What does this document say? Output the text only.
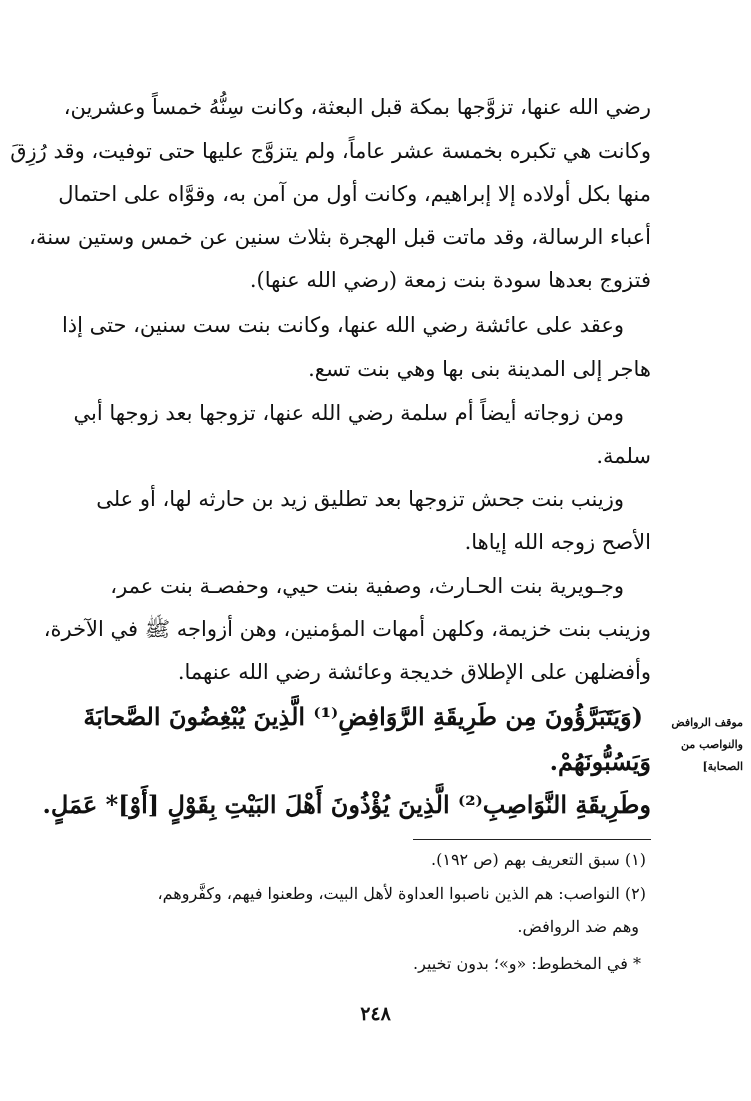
رضي الله عنها، تزوَّجها بمكة قبل البعثة، وكانت سِنُّهُ خمساً وعشرين،
وكانت هي تكبره بخمسة عشر عاماً، ولم يتزوَّج عليها حتى توفيت، وقد رُزِقَ
منها بكل أولاده إلا إبراهيم، وكانت أول من آمن به، وقوَّاه على احتمال
أعباء الرسالة، وقد ماتت قبل الهجرة بثلاث سنين عن خمس وستين سنة،
فتزوج بعدها سودة بنت زمعة (رضي الله عنها).
وعقد على عائشة رضي الله عنها، وكانت بنت ست سنين، حتى إذا
هاجر إلى المدينة بنى بها وهي بنت تسع.
ومن زوجاته أيضاً أم سلمة رضي الله عنها، تزوجها بعد زوجها أبي
سلمة.
وزينب بنت جحش تزوجها بعد تطليق زيد بن حارثه لها، أو على
الأصح زوجه الله إياها.
وجـويرية بنت الحـارث، وصفية بنت حيي، وحفصـة بنت عمر،
وزينب بنت خزيمة، وكلهن أمهات المؤمنين، وهن أزواجه ﷺ في الآخرة،
وأفضلهن على الإطلاق خديجة وعائشة رضي الله عنهما.
(وَيَتَبَرَّؤُونَ مِن طَرِيقَةِ الرَّوَافِضِ⁽¹⁾ الَّذِينَ يُبْغِضُونَ الصَّحابَةَ
وَيَسُبُّونَهُمْ.
وطَرِيقَةِ النَّوَاصِبِ⁽²⁾ الَّذِينَ يُؤْذُونَ أَهْلَ البَيْتِ بِقَوْلٍ [أَوْ]* عَمَلٍ.
موقف الروافض
والنواصب من
الصحابة]
(١) سبق التعريف بهم (ص ١٩٢).
(٢) النواصب: هم الذين ناصبوا العداوة لأهل البيت، وطعنوا فيهم، وكفَّروهم،
وهم ضد الروافض.
* في المخطوط: «و»؛ بدون تخيير.
٢٤٨
